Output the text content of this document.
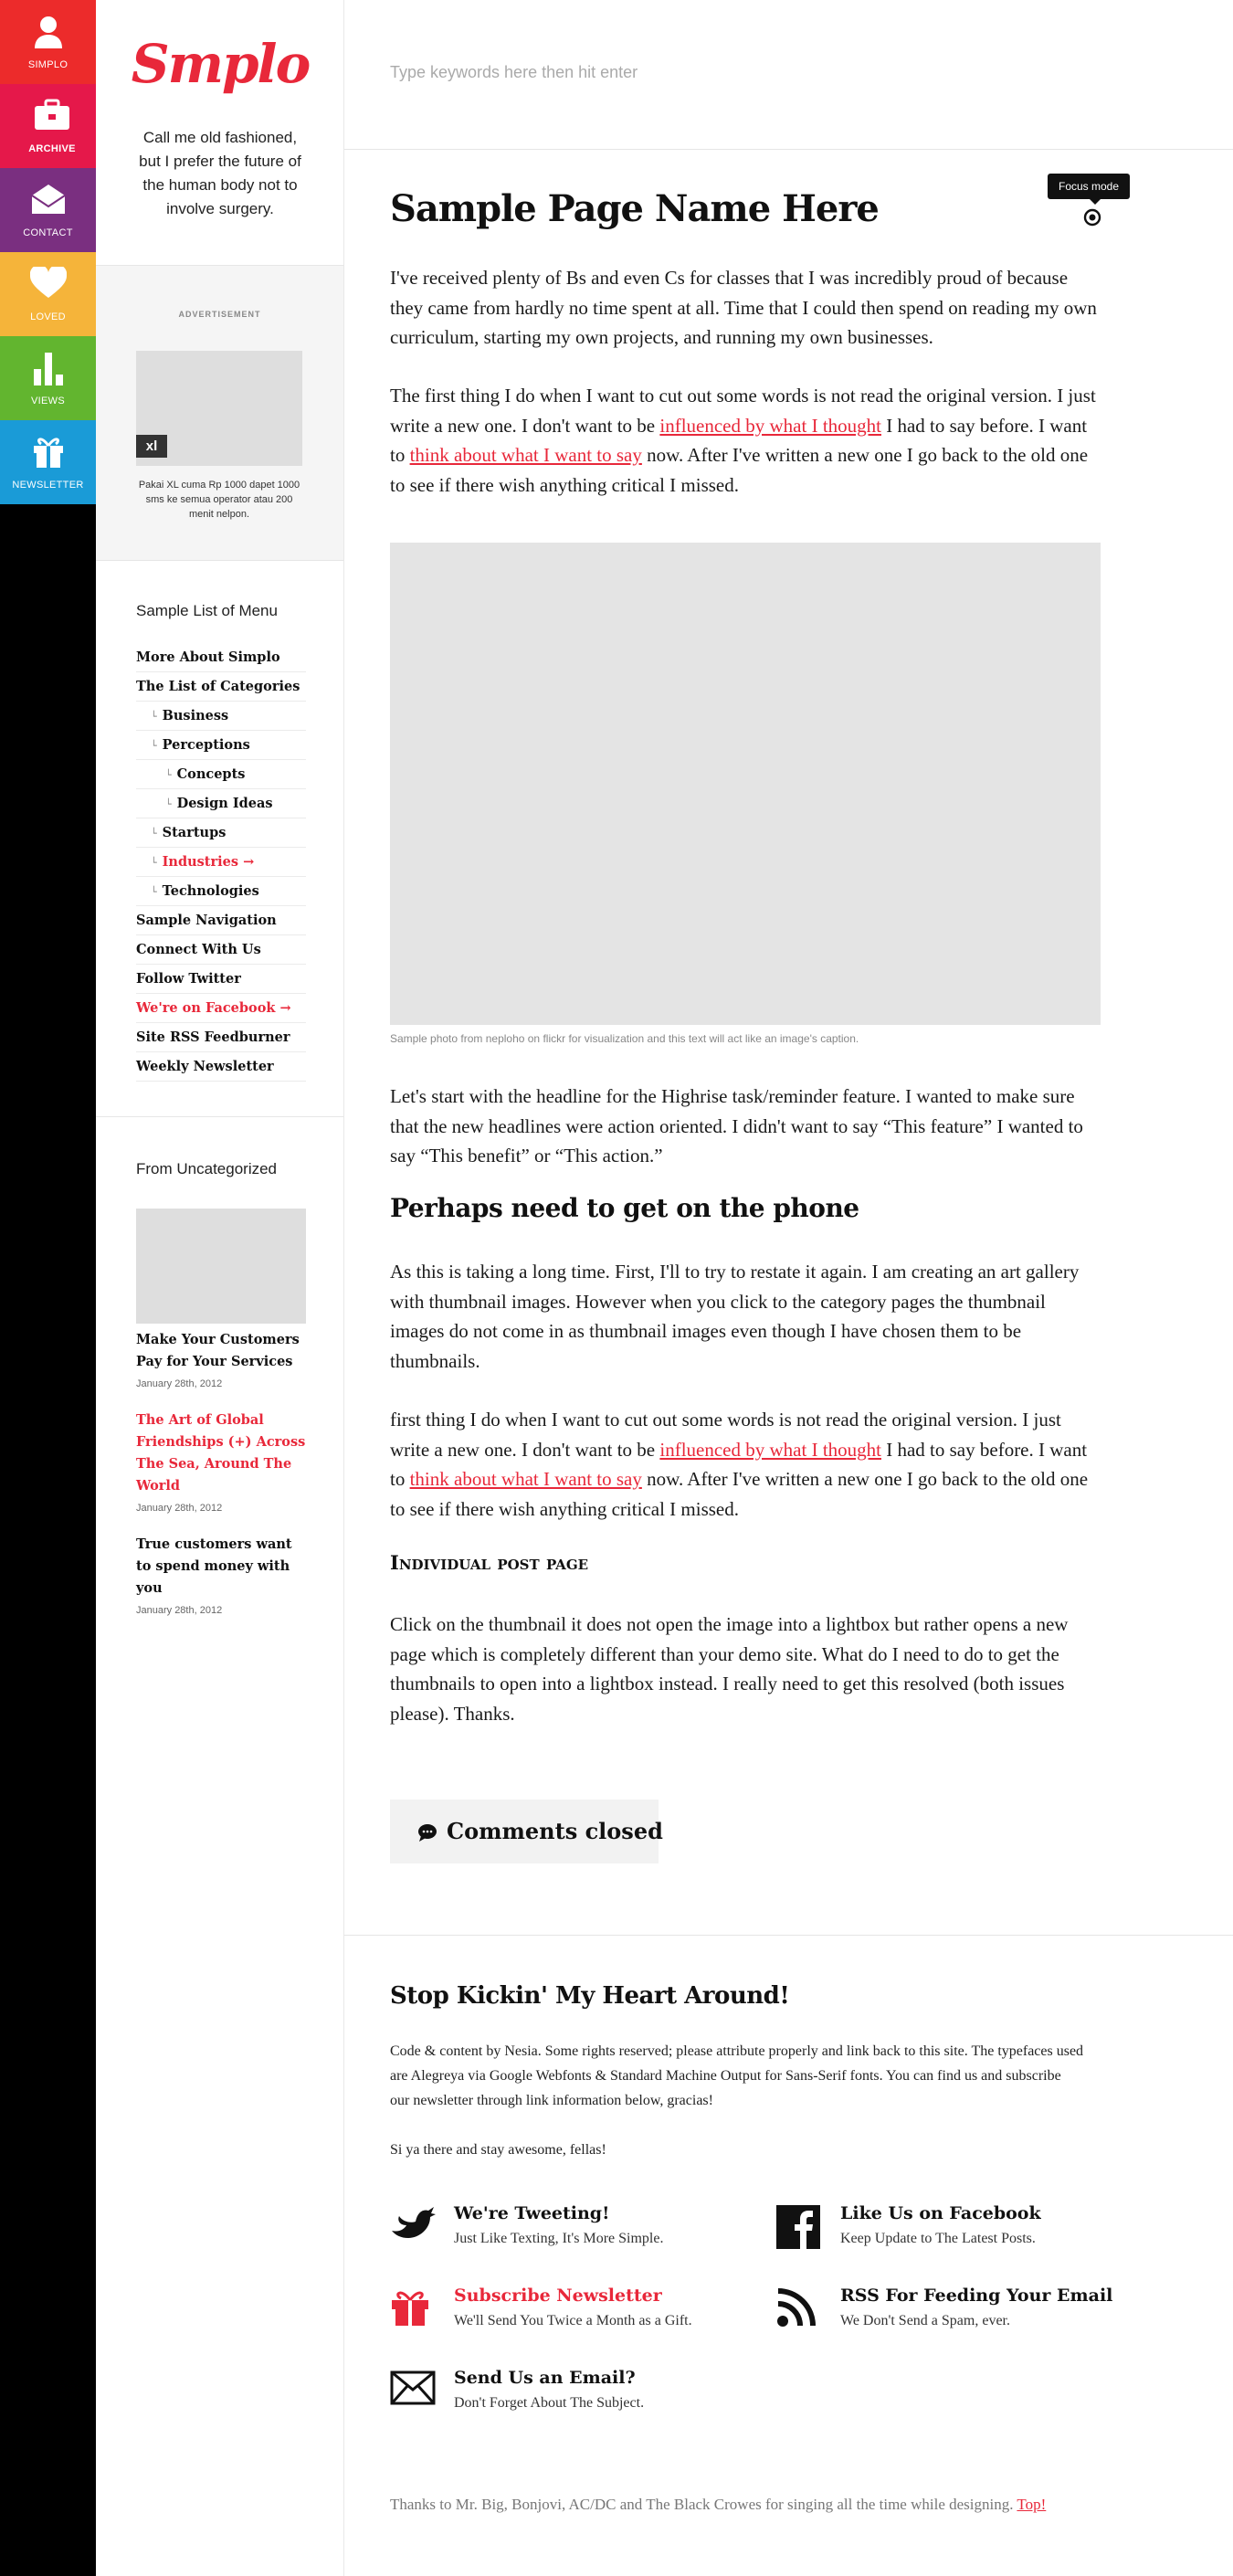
SIMPLO
ARCHIVE
CONTACT
LOVED
VIEWS
NEWSLETTER
Smplo
Call me old fashioned, but I prefer the future of the human body not to involve surgery.
ADVERTISEMENT
xl
Pakai XL cuma Rp 1000 dapet 1000 sms ke semua operator atau 200 menit nelpon.
Sample List of Menu
More About Simplo
The List of Categories
└ Business
└ Perceptions
└ Concepts
└ Design Ideas
└ Startups
└ Industries →
└ Technologies
Sample Navigation
Connect With Us
Follow Twitter
We're on Facebook →
Site RSS Feedburner
Weekly Newsletter
From Uncategorized
Make Your Customers Pay for Your Services
January 28th, 2012
The Art of Global Friendships (+) Across The Sea, Around The World
January 28th, 2012
True customers want to spend money with you
January 28th, 2012
Type keywords here then hit enter
Focus mode
Sample Page Name Here

I've received plenty of Bs and even Cs for classes that I was incredibly proud of because they came from hardly no time spent at all. Time that I could then spend on reading my own curriculum, starting my own projects, and running my own businesses.

The first thing I do when I want to cut out some words is not read the original version. I just write a new one. I don't want to be influenced by what I thought I had to say before. I want to think about what I want to say now. After I've written a new one I go back to the old one to see if there wish anything critical I missed.

Sample photo from neploho on flickr for visualization and this text will act like an image's caption.

Let's start with the headline for the Highrise task/reminder feature. I wanted to make sure that the new headlines were action oriented. I didn't want to say “This feature” I wanted to say “This benefit” or “This action.”

Perhaps need to get on the phone

As this is taking a long time. First, I'll to try to restate it again. I am creating an art gallery with thumbnail images. However when you click to the category pages the thumbnail images do not come in as thumbnail images even though I have chosen them to be thumbnails.

first thing I do when I want to cut out some words is not read the original version. I just write a new one. I don't want to be influenced by what I thought I had to say before. I want to think about what I want to say now. After I've written a new one I go back to the old one to see if there wish anything critical I missed.

Individual post page

Click on the thumbnail it does not open the image into a lightbox but rather opens a new page which is completely different than your demo site. What do I need to do to get the thumbnails to open into a lightbox instead. I really need to get this resolved (both issues please). Thanks.

Comments closed
Stop Kickin' My Heart Around!

Code & content by Nesia. Some rights reserved; please attribute properly and link back to this site. The typefaces used are Alegreya via Google Webfonts & Standard Machine Output for Sans-Serif fonts. You can find us and subscribe our newsletter through link information below, gracias!

Si ya there and stay awesome, fellas!

We're Tweeting!
Just Like Texting, It's More Simple.
Like Us on Facebook
Keep Update to The Latest Posts.
Subscribe Newsletter
We'll Send You Twice a Month as a Gift.
RSS For Feeding Your Email
We Don't Send a Spam, ever.
Send Us an Email?
Don't Forget About The Subject.
Thanks to Mr. Big, Bonjovi, AC/DC and The Black Crowes for singing all the time while designing. Top!
